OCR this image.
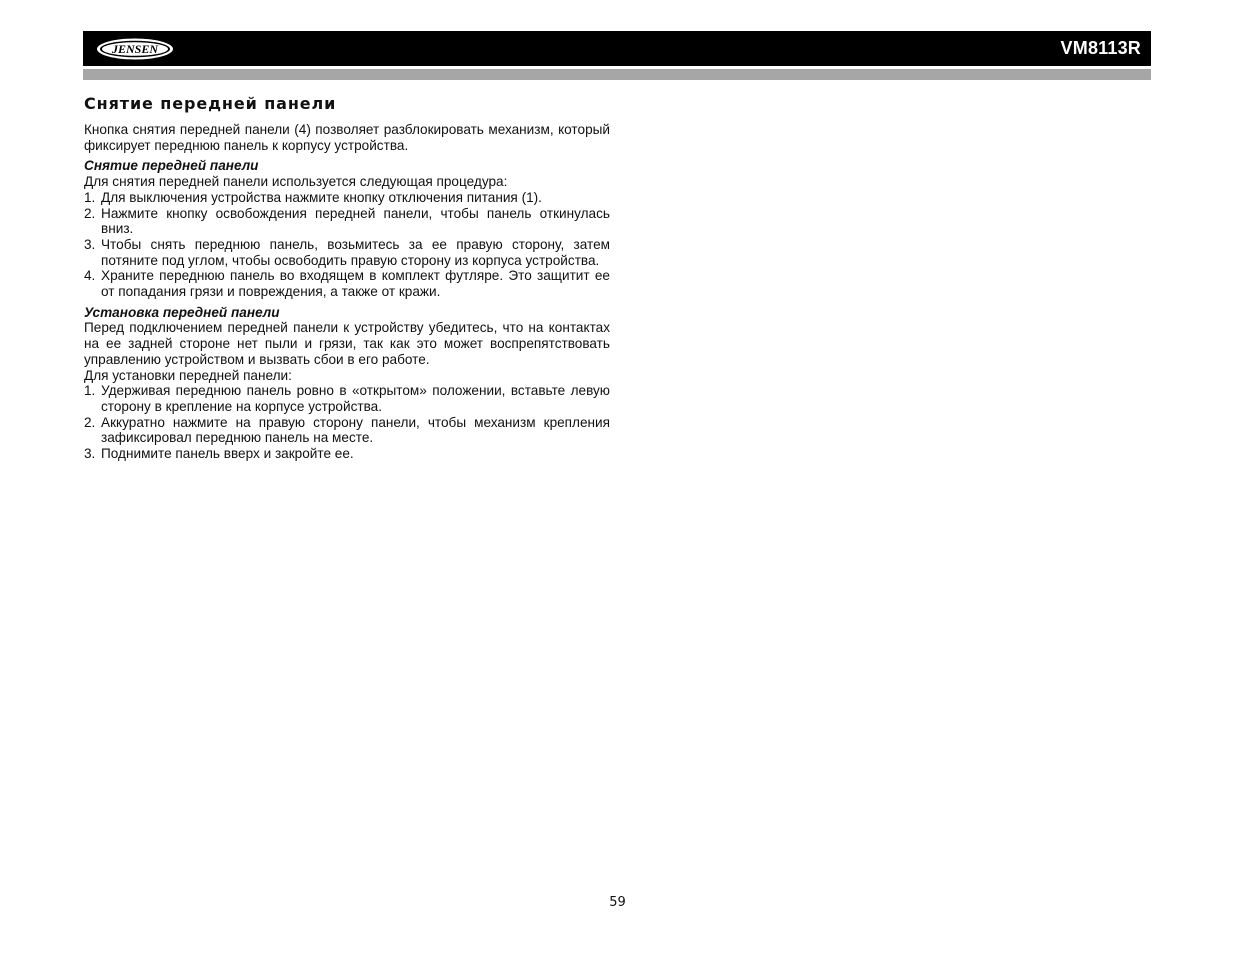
JENSEN	VM8113R
Снятие передней панели

Кнопка снятия передней панели (4) позволяет разблокировать механизм, который фиксирует переднюю панель к корпусу устройства.

Снятие передней панели

Для снятия передней панели используется следующая процедура:

1. Для выключения устройства нажмите кнопку отключения питания (1).
2. Нажмите кнопку освобождения передней панели, чтобы панель откинулась вниз.
3. Чтобы снять переднюю панель, возьмитесь за ее правую сторону, затем потяните под углом, чтобы освободить правую сторону из корпуса устройства.
4. Храните переднюю панель во входящем в комплект футляре. Это защитит ее от попадания грязи и повреждения, а также от кражи.

Установка передней панели

Перед подключением передней панели к устройству убедитесь, что на контактах на ее задней стороне нет пыли и грязи, так как это может воспрепятствовать управлению устройством и вызвать сбои в его работе.

Для установки передней панели:

1. Удерживая переднюю панель ровно в «открытом» положении, вставьте левую сторону в крепление на корпусе устройства.
2. Аккуратно нажмите на правую сторону панели, чтобы механизм крепления зафиксировал переднюю панель на месте.
3. Поднимите панель вверх и закройте ее.
59
